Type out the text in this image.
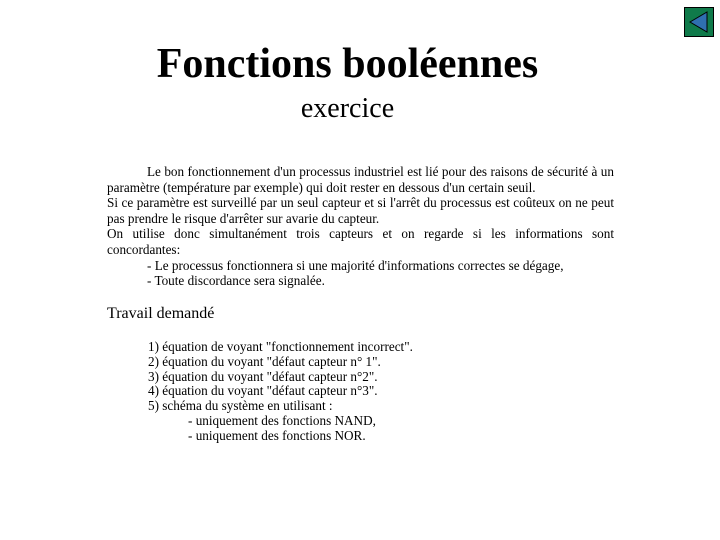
Fonctions booléennes
exercice

Le bon fonctionnement d'un processus industriel est lié pour des raisons de sécurité à un paramètre (température par exemple) qui doit rester en dessous d'un certain seuil.

Si ce paramètre est surveillé par un seul capteur et si l'arrêt du processus est coûteux on ne peut pas prendre le risque d'arrêter sur avarie du capteur.

On utilise donc simultanément trois capteurs et on regarde si les informations sont concordantes:

- Le processus fonctionnera si une majorité d'informations correctes se dégage,

- Toute discordance sera signalée.

Travail demandé
1) équation de voyant "fonctionnement incorrect".
2) équation du voyant "défaut capteur n° 1".
3) équation du voyant "défaut capteur n°2".
4) équation du voyant "défaut capteur n°3".
5) schéma du système en utilisant :
- uniquement des fonctions NAND,
- uniquement des fonctions NOR.
